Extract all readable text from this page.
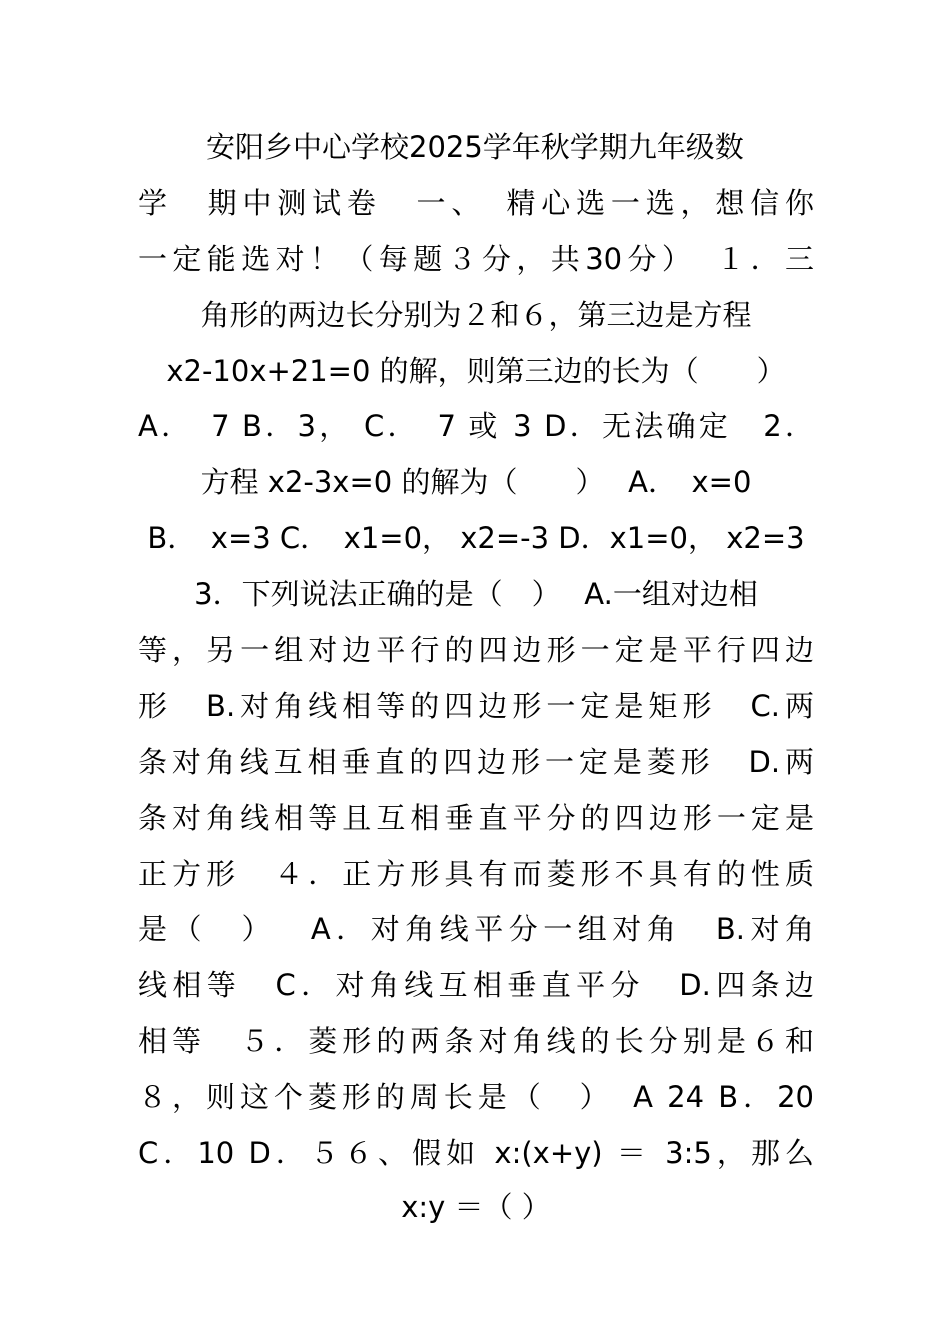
安阳乡中心学校2025学年秋学期九年级数
学　期中测试卷　一、　精心选一选，想信你
一定能选对！（每题３分，共30分）　１．三
角形的两边长分别为２和６，第三边是方程
x2-10x+21=0 的解，则第三边的长为（　　）
A．　7 B．3， C．　7 或 3 D．无法确定　2．
方程 x2-3x=0 的解为（　　）　 A．　x=0
B．　x=3 C．　x1=0， x2=-3 D．x1=0， x2=3
3．下列说法正确的是（　）　 A.一组对边相
等，另一组对边平行的四边形一定是平行四边
形　B.对角线相等的四边形一定是矩形　C.两
条对角线互相垂直的四边形一定是菱形　D.两
条对角线相等且互相垂直平分的四边形一定是
正方形　４．正方形具有而菱形不具有的性质
是（　）　 A．对角线平分一组对角　B.对角
线相等　C．对角线互相垂直平分　D.四条边
相等　５．菱形的两条对角线的长分别是６和
８，则这个菱形的周长是（　）　A 24 B．20
C．10 D．５６、假如 x:(x+y) ＝ 3:5，那么
x:y ＝（ ）
